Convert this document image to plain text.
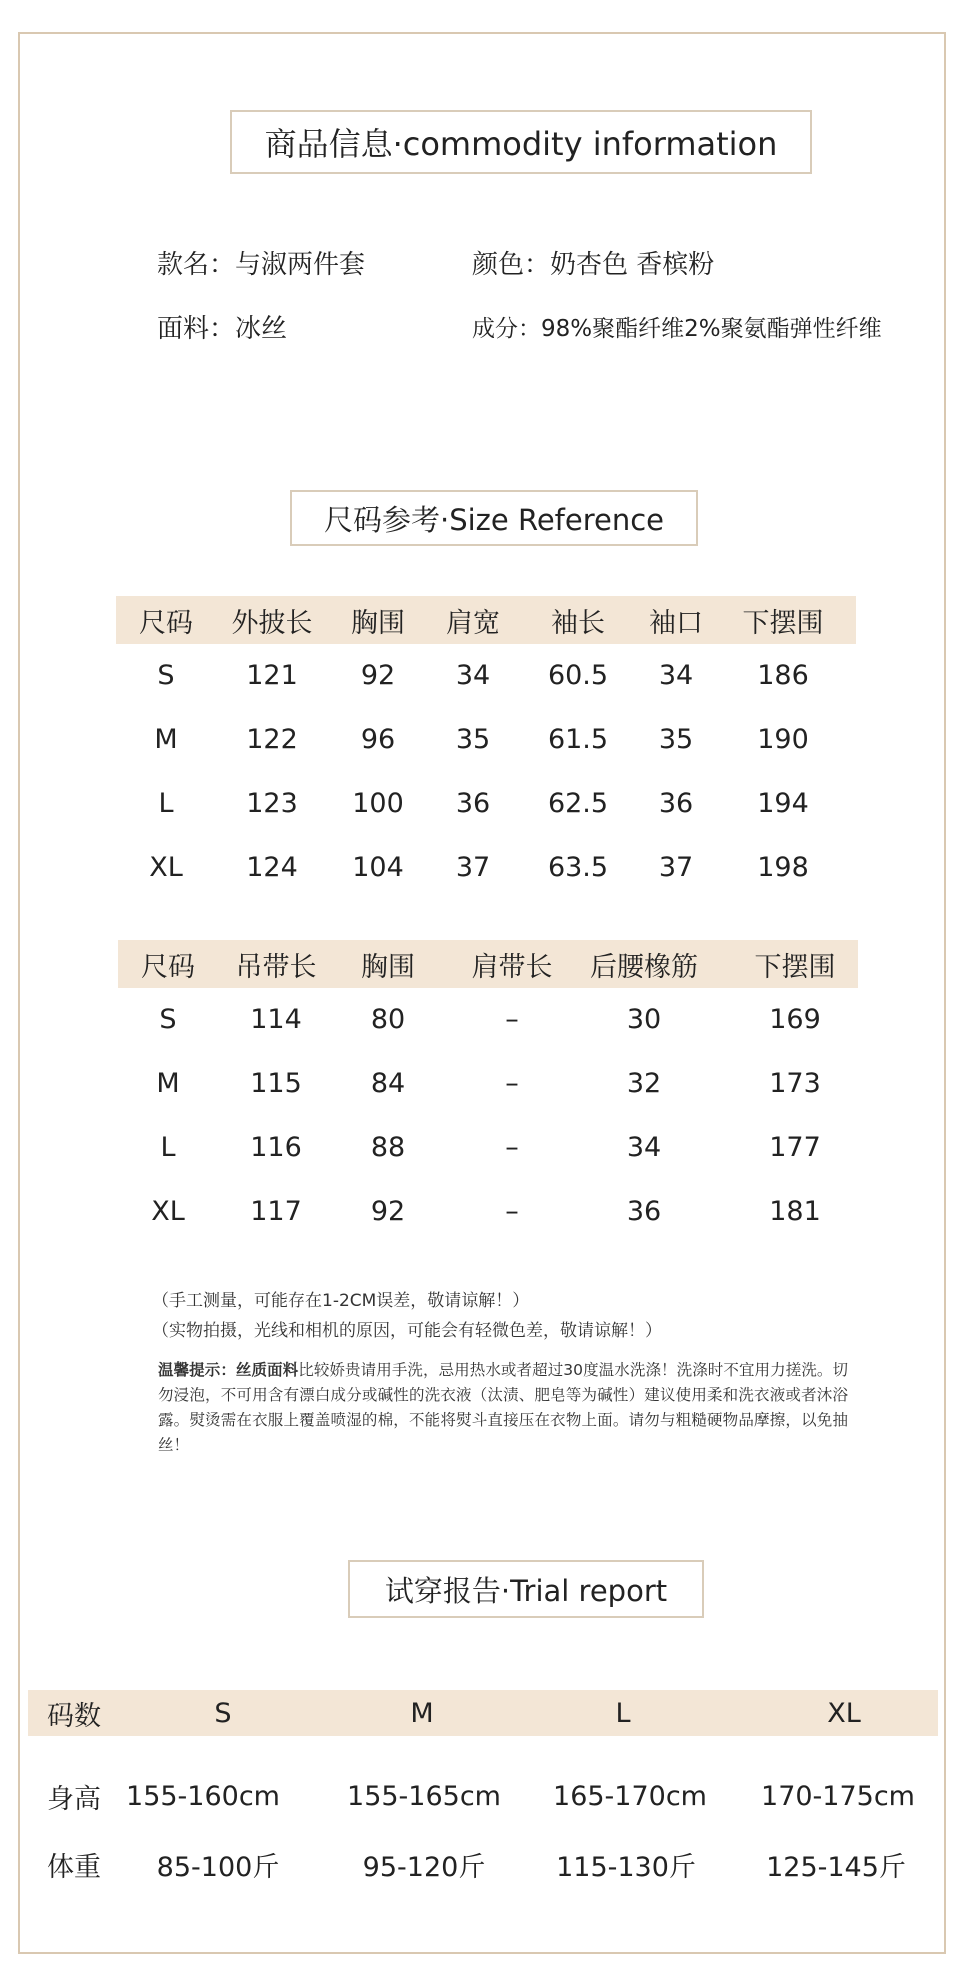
商品信息·commodity information
款名：与淑两件套	颜色：奶杏色 香槟粉
面料：冰丝	成分：98%聚酯纤维2%聚氨酯弹性纤维
尺码参考·Size Reference
尺码 外披长 胸围 肩宽 袖长 袖口 下摆围
S	121 92 34 60.5 34 186
M	122 96 35 61.5 35 190
L	123 100 36 62.5 36 194
XL 124 104 37 63.5 37 198
尺码 吊带长 胸围 肩带长 后腰橡筋 下摆围
S	114	80	–	30	169
M	115	84	–	32	173
L	116	88	–	34	177
XL 117	92	–	36	181
（手工测量，可能存在1-2CM误差，敬请谅解！）
（实物拍摄，光线和相机的原因，可能会有轻微色差，敬请谅解！）
温馨提示：丝质面料比较娇贵请用手洗，忌用热水或者超过30度温水洗涤！洗涤时不宜用力搓洗。切勿浸泡，不可用含有漂白成分或碱性的洗衣液（汰渍、肥皂等为碱性）建议使用柔和洗衣液或者沐浴露。熨烫需在衣服上覆盖喷湿的棉，不能将熨斗直接压在衣物上面。请勿与粗糙硬物品摩擦，以免抽丝！
试穿报告·Trial report
码数	S	M	L	XL
身高 155-160cm 155-165cm 165-170cm 170-175cm
体重 85-100斤	95-120斤	115-130斤	125-145斤
